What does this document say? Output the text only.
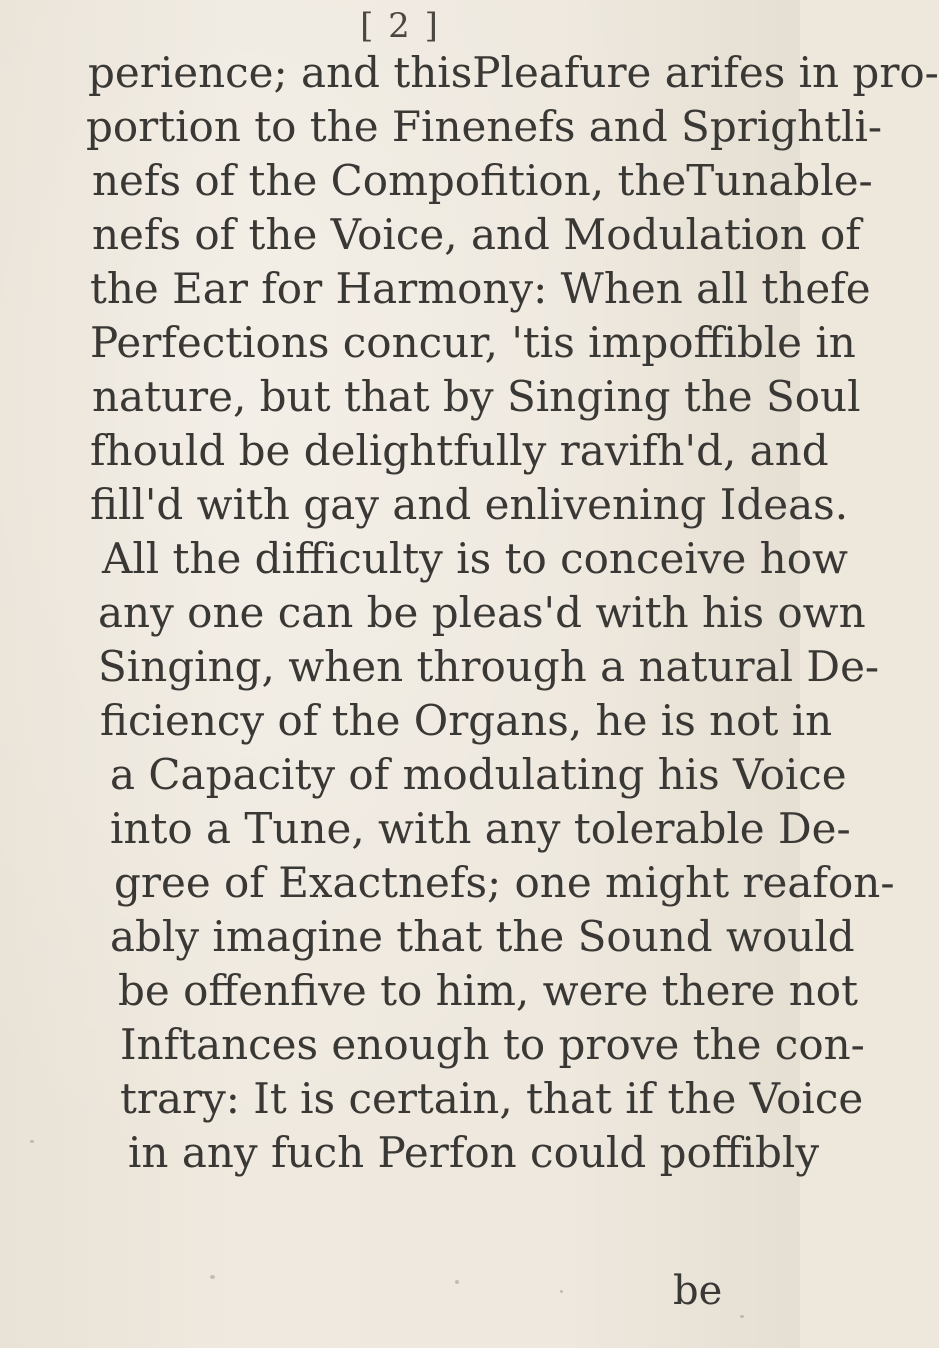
[ 2 ]
perience; and thisPleafure arifes in pro-
portion to the Finenefs and Sprightli-
nefs of the Compofition, theTunable-
nefs of the Voice, and Modulation of
the Ear for Harmony: When all thefe
Perfections concur, 'tis impoffible in
nature, but that by Singing the Soul
fhould be delightfully ravifh'd, and
fill'd with gay and enlivening Ideas.
All the difficulty is to conceive how
any one can be pleas'd with his own
Singing, when through a natural De-
ficiency of the Organs, he is not in
a Capacity of modulating his Voice
into a Tune, with any tolerable De-
gree of Exactnefs; one might reafon-
ably imagine that the Sound would
be offenfive to him, were there not
Inftances enough to prove the con-
trary: It is certain, that if the Voice
in any fuch Perfon could poffibly
be
